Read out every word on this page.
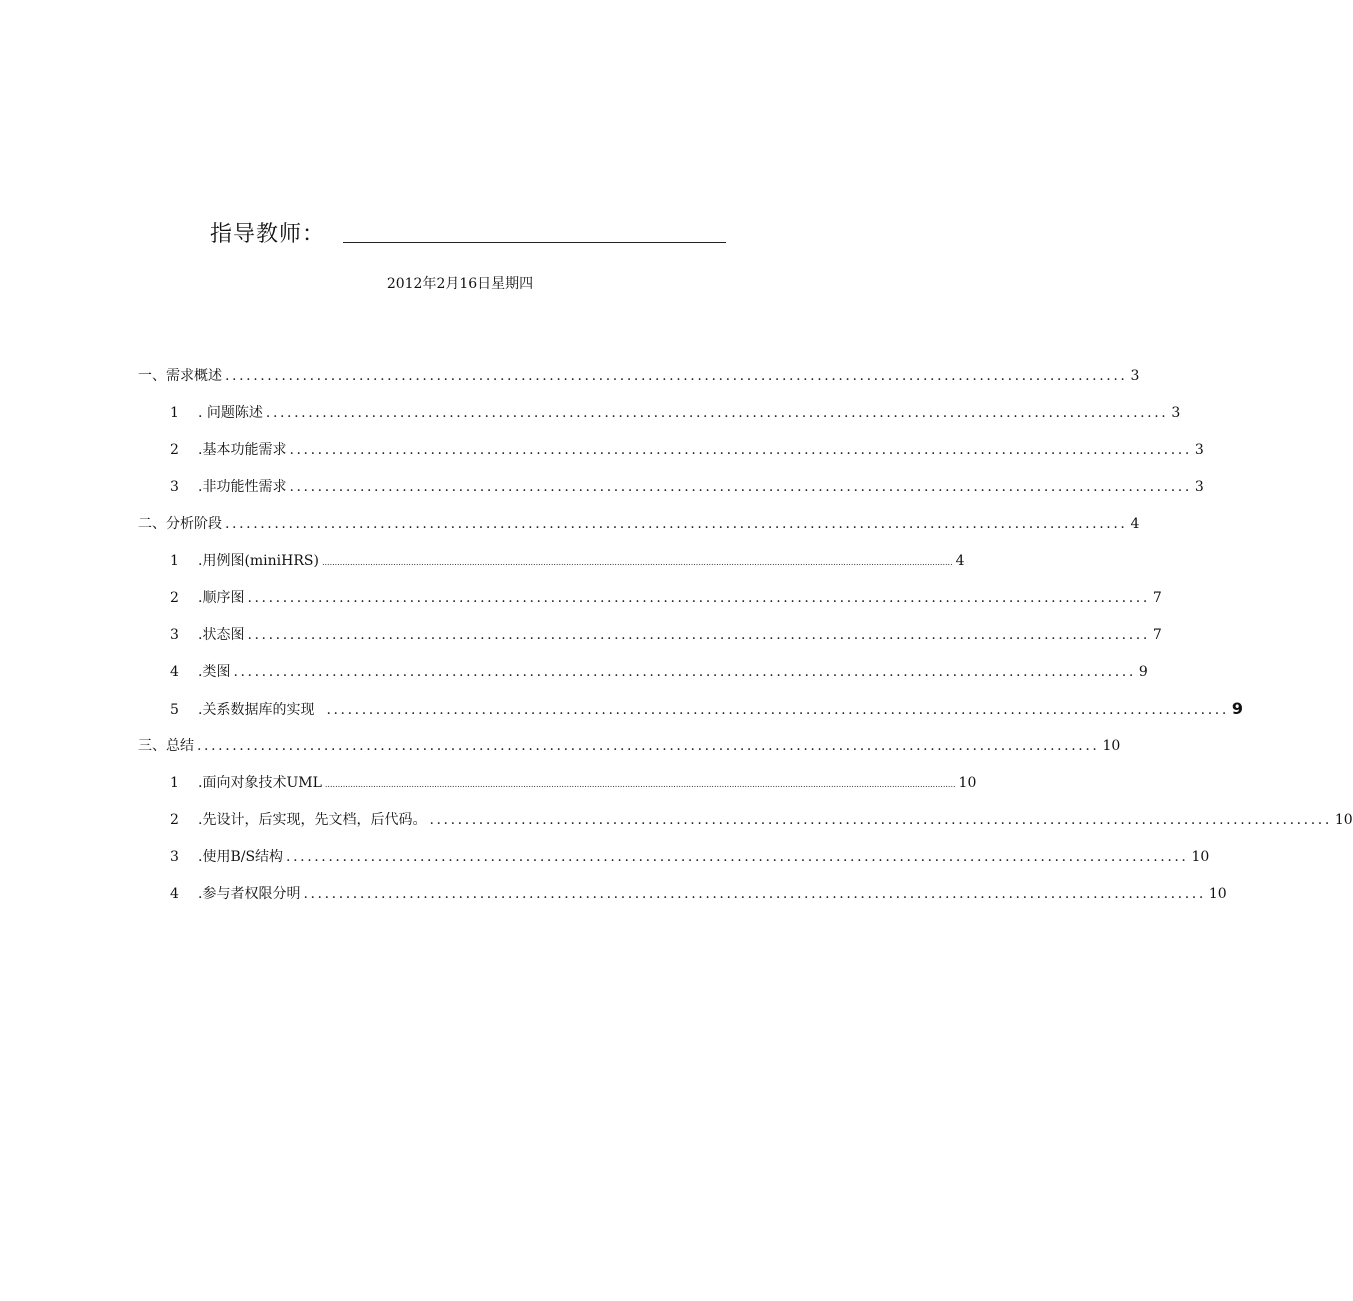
指导教师：
2012年2月16日星期四
一、需求概述 ................................................................................................................................ 3
1 . 问题陈述 ................................................................................................................................ 3
2 .基本功能需求 ................................................................................................................................ 3
3 .非功能性需求 ................................................................................................................................ 3
二、分析阶段 ................................................................................................................................ 4
1 .用例图(miniHRS) ........................................................................................................................................................................................................................................................ 4
2 .顺序图 ................................................................................................................................ 7
3 .状态图 ................................................................................................................................ 7
4 .类图 ................................................................................................................................ 9
5 .关系数据库的实现 ................................................................................................................................ 9
三、总结 ................................................................................................................................ 10
1 .面向对象技术UML ........................................................................................................................................................................................................................................................ 10
2 .先设计，后实现，先文档，后代码。 ................................................................................................................................ 10
3 .使用B/S结构 ................................................................................................................................ 10
4 .参与者权限分明 ................................................................................................................................ 10
